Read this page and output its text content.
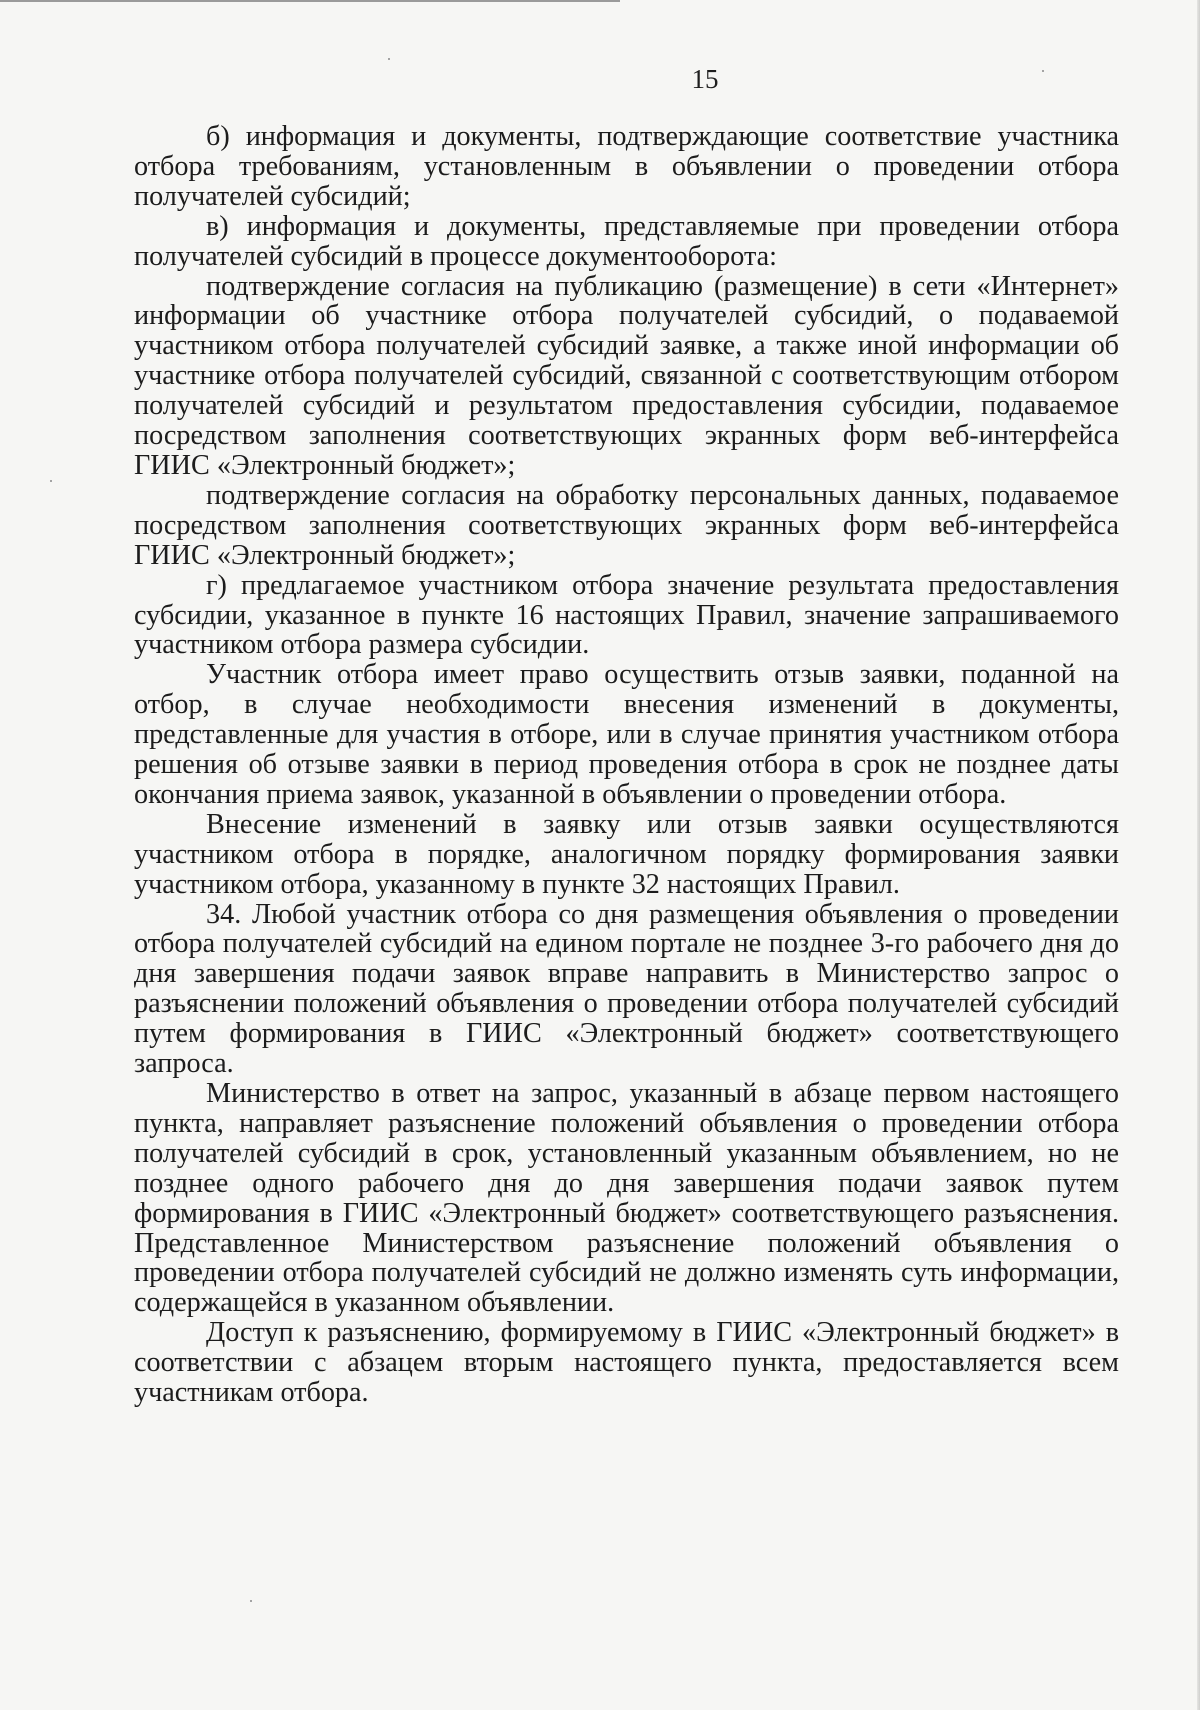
15

б) информация и документы, подтверждающие соответствие участника отбора требованиям, установленным в объявлении о проведении отбора получателей субсидий;

в) информация и документы, представляемые при проведении отбора получателей субсидий в процессе документооборота:

подтверждение согласия на публикацию (размещение) в сети «Интернет» информации об участнике отбора получателей субсидий, о подаваемой участником отбора получателей субсидий заявке, а также иной информации об участнике отбора получателей субсидий, связанной с соответствующим отбором получателей субсидий и результатом предоставления субсидии, подаваемое посредством заполнения соответствующих экранных форм веб-интерфейса ГИИС «Электронный бюджет»;

подтверждение согласия на обработку персональных данных, подаваемое посредством заполнения соответствующих экранных форм веб-интерфейса ГИИС «Электронный бюджет»;

г) предлагаемое участником отбора значение результата предоставления субсидии, указанное в пункте 16 настоящих Правил, значение запрашиваемого участником отбора размера субсидии.

Участник отбора имеет право осуществить отзыв заявки, поданной на отбор, в случае необходимости внесения изменений в документы, представленные для участия в отборе, или в случае принятия участником отбора решения об отзыве заявки в период проведения отбора в срок не позднее даты окончания приема заявок, указанной в объявлении о проведении отбора.

Внесение изменений в заявку или отзыв заявки осуществляются участником отбора в порядке, аналогичном порядку формирования заявки участником отбора, указанному в пункте 32 настоящих Правил.

34. Любой участник отбора со дня размещения объявления о проведении отбора получателей субсидий на едином портале не позднее 3-го рабочего дня до дня завершения подачи заявок вправе направить в Министерство запрос о разъяснении положений объявления о проведении отбора получателей субсидий путем формирования в ГИИС «Электронный бюджет» соответствующего запроса.

Министерство в ответ на запрос, указанный в абзаце первом настоящего пункта, направляет разъяснение положений объявления о проведении отбора получателей субсидий в срок, установленный указанным объявлением, но не позднее одного рабочего дня до дня завершения подачи заявок путем формирования в ГИИС «Электронный бюджет» соответствующего разъяснения. Представленное Министерством разъяснение положений объявления о проведении отбора получателей субсидий не должно изменять суть информации, содержащейся в указанном объявлении.

Доступ к разъяснению, формируемому в ГИИС «Электронный бюджет» в соответствии с абзацем вторым настоящего пункта, предоставляется всем участникам отбора.
